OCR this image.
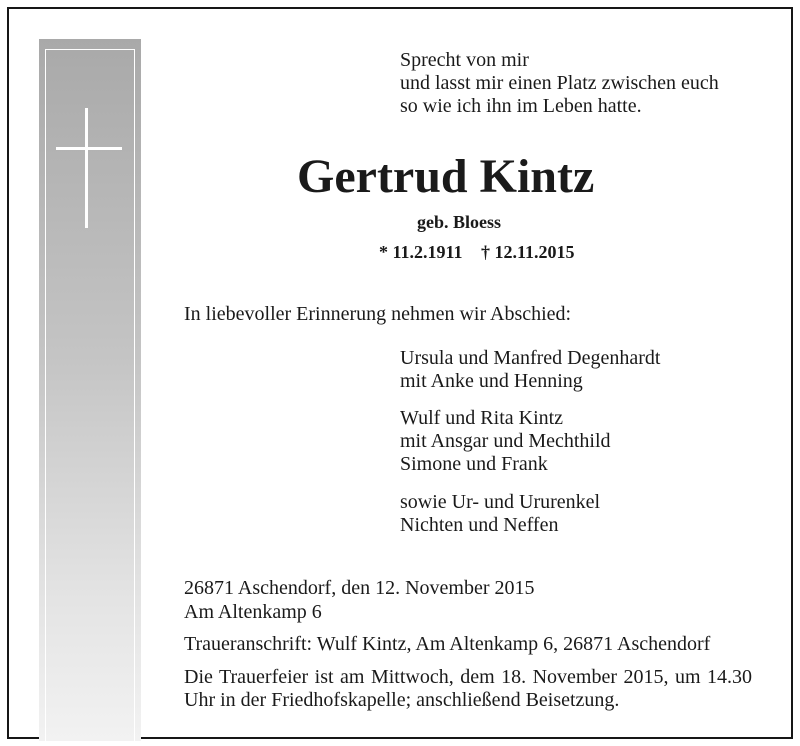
Sprecht von mir
und lasst mir einen Platz zwischen euch
so wie ich ihn im Leben hatte.
Gertrud Kintz
geb. Bloess
* 11.2.1911 † 12.11.2015
In liebevoller Erinnerung nehmen wir Abschied:
Ursula und Manfred Degenhardt
mit Anke und Henning
Wulf und Rita Kintz
mit Ansgar und Mechthild
Simone und Frank
sowie Ur- und Ururenkel
Nichten und Neffen
26871 Aschendorf, den 12. November 2015
Am Altenkamp 6
Traueranschrift: Wulf Kintz, Am Altenkamp 6, 26871 Aschendorf
Die Trauerfeier ist am Mittwoch, dem 18. November 2015, um 14.30 Uhr in der Friedhofskapelle; anschließend Beisetzung.
